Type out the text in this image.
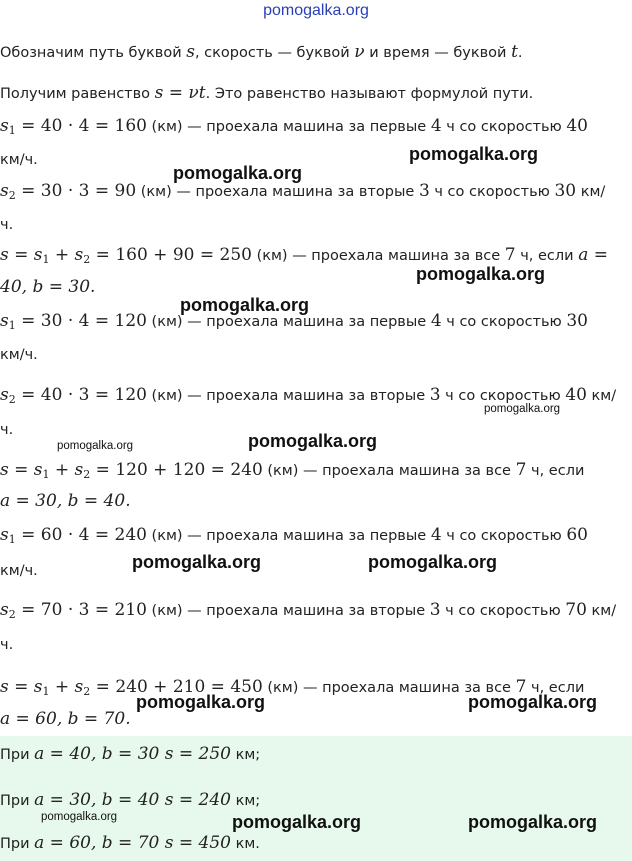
pomogalka.org
Обозначим путь буквой s, скорость — буквой ν и время — буквой t.
Получим равенство s = νt. Это равенство называют формулой пути.
$s_1 = 40 \cdot 4 = 160$ (км) — проехала машина за первые 4 ч со скоростью 40
км/ч.
$s_2 = 30 \cdot 3 = 90$ (км) — проехала машина за вторые 3 ч со скоростью 30 км/
ч.
$s = s_1 + s_2 = 160 + 90 = 250$ (км) — проехала машина за все 7 ч, если a =
40, b = 30.
$s_1 = 30 \cdot 4 = 120$ (км) — проехала машина за первые 4 ч со скоростью 30
км/ч.
$s_2 = 40 \cdot 3 = 120$ (км) — проехала машина за вторые 3 ч со скоростью 40 км/
ч.
$s = s_1 + s_2 = 120 + 120 = 240$ (км) — проехала машина за все 7 ч, если
a = 30, b = 40.
$s_1 = 60 \cdot 4 = 240$ (км) — проехала машина за первые 4 ч со скоростью 60
км/ч.
$s_2 = 70 \cdot 3 = 210$ (км) — проехала машина за вторые 3 ч со скоростью 70 км/
ч.
$s = s_1 + s_2 = 240 + 210 = 450$ (км) — проехала машина за все 7 ч, если
a = 60, b = 70.
При a = 40, b = 30 s = 250 км;
При a = 30, b = 40 s = 240 км;
При a = 60, b = 70 s = 450 км.
pomogalka.org
pomogalka.org
pomogalka.org
pomogalka.org
pomogalka.org
pomogalka.org	pomogalka.org
pomogalka.org	pomogalka.org
pomogalka.org	pomogalka.org
pomogalka.org	pomogalka.org	pomogalka.org
